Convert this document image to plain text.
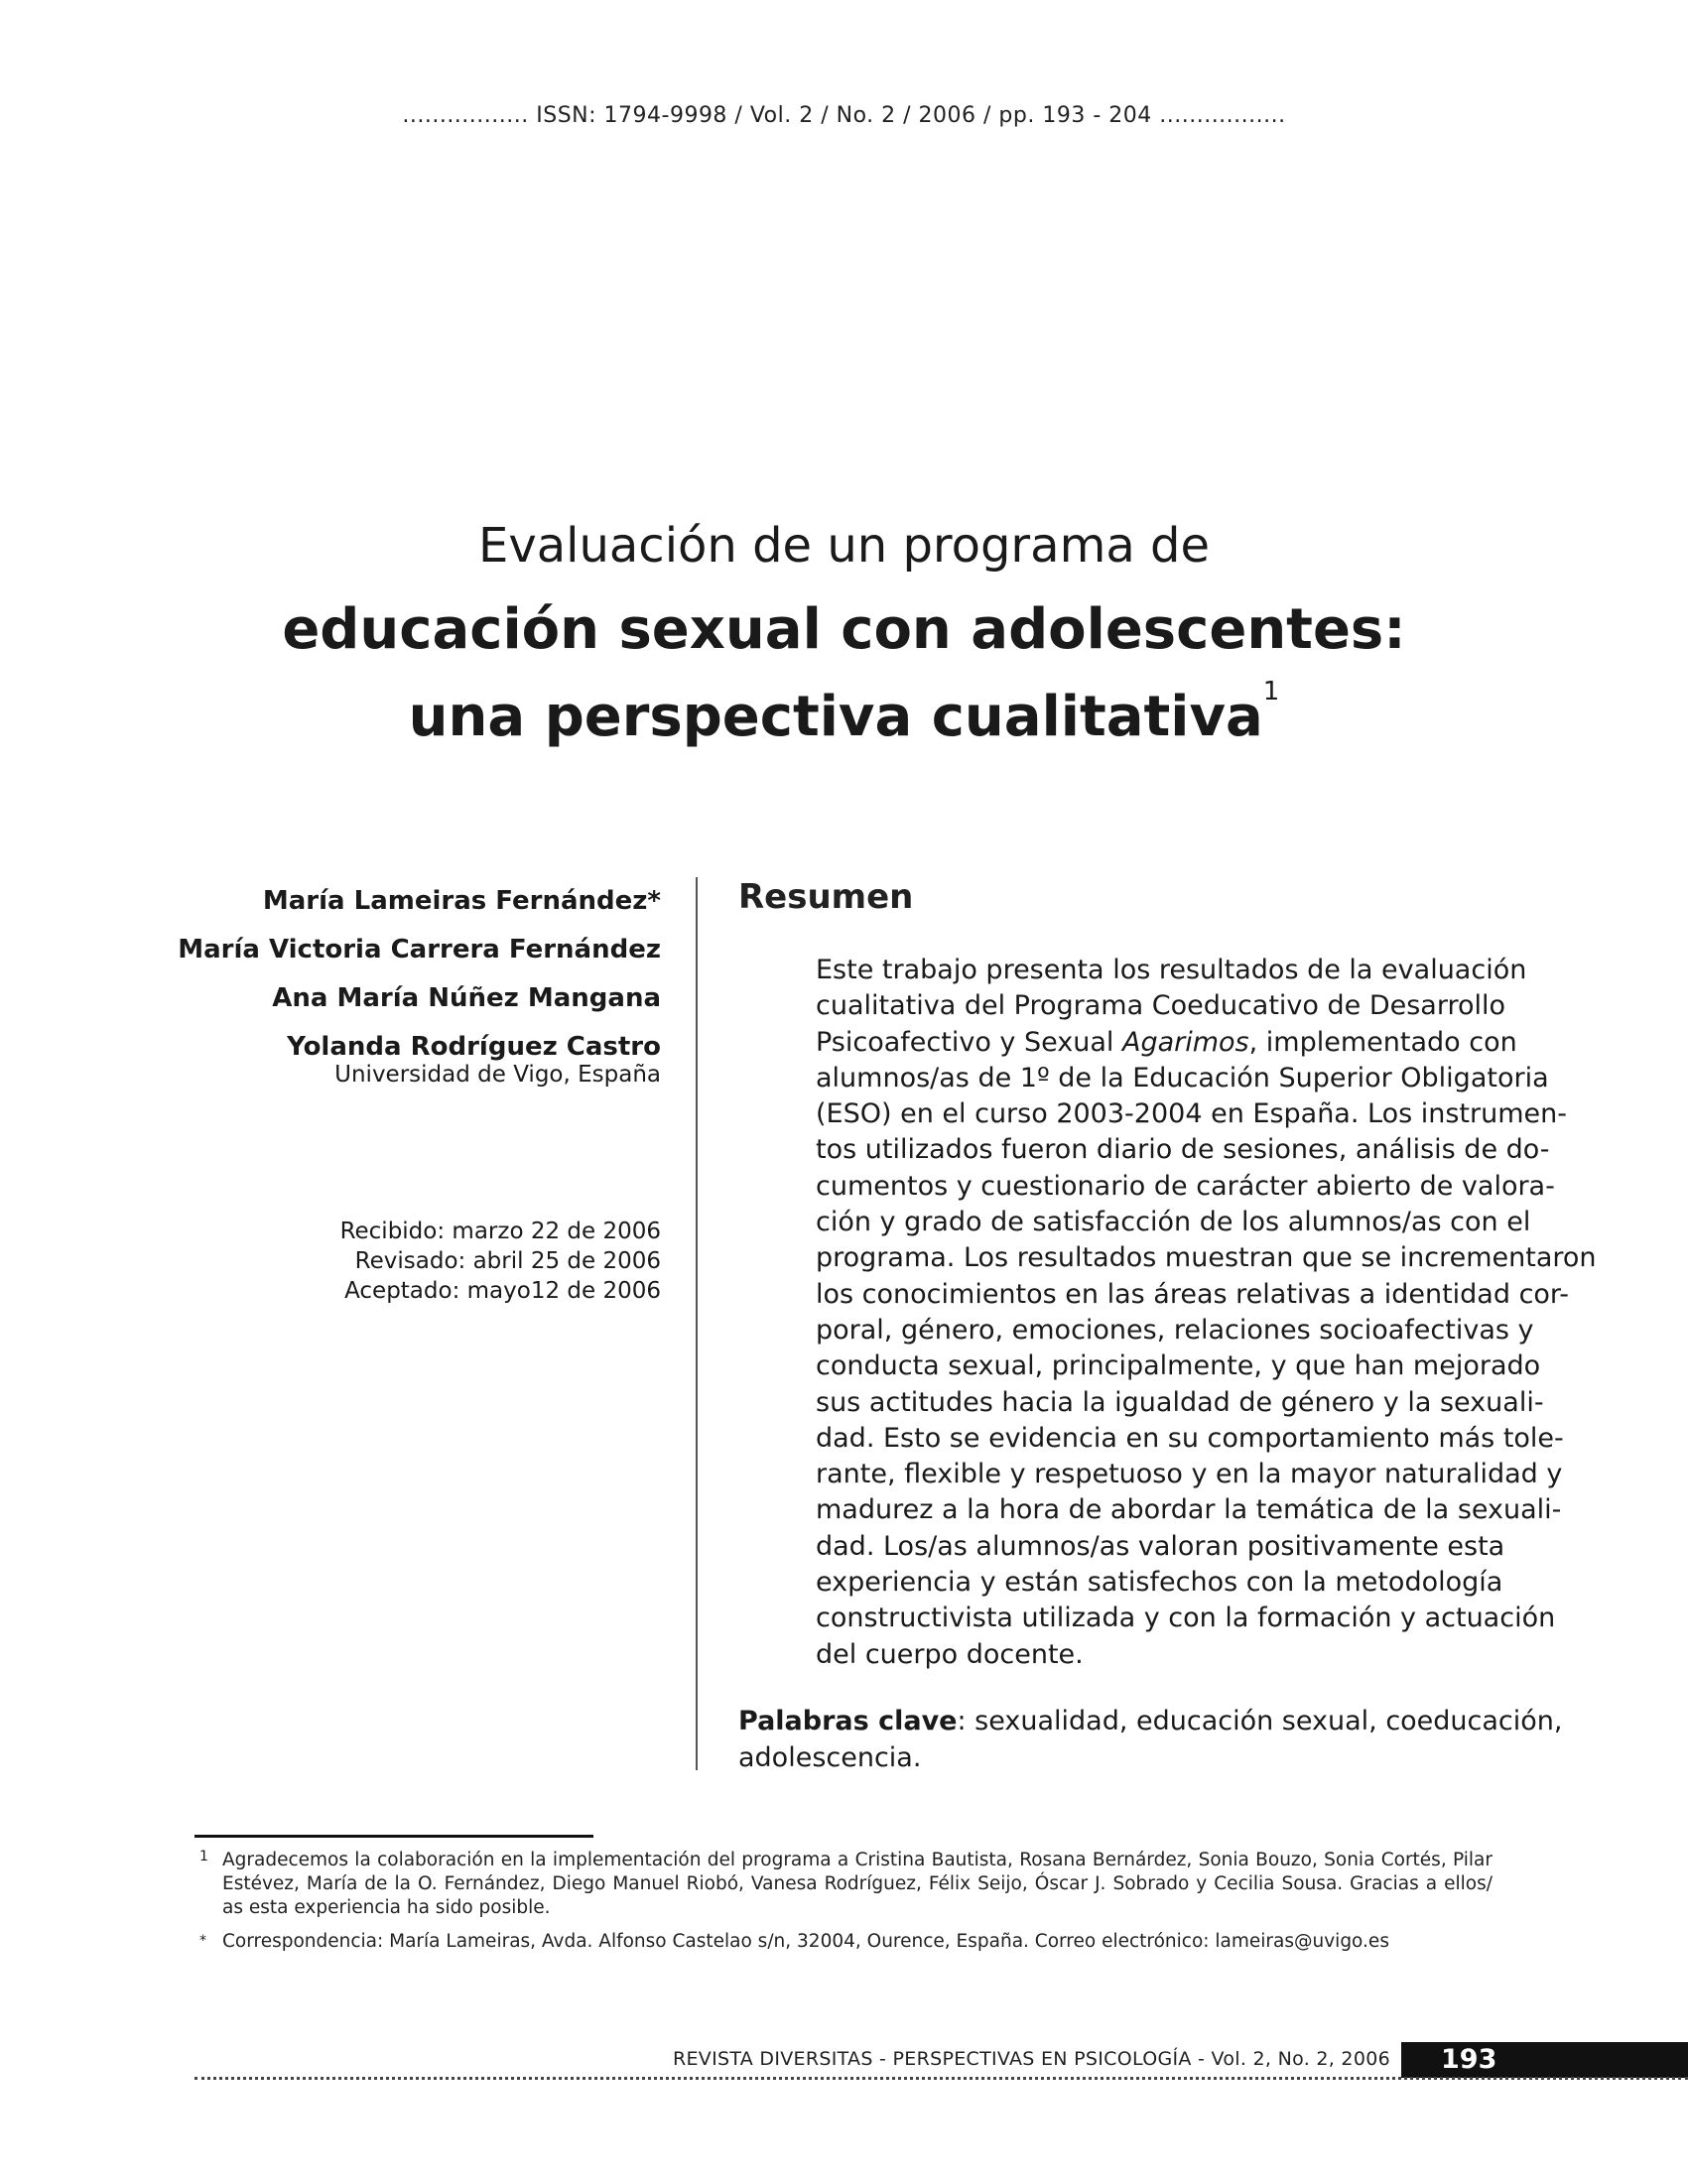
................. ISSN: 1794-9998 / Vol. 2 / No. 2 / 2006 / pp. 193 - 204 .................
Evaluación de un programa de
educación sexual con adolescentes:
una perspectiva cualitativa$^1$
María Lameiras Fernández*
María Victoria Carrera Fernández
Ana María Núñez Mangana
Yolanda Rodríguez Castro
Universidad de Vigo, España
Recibido: marzo 22 de 2006
Revisado: abril 25 de 2006
Aceptado: mayo12 de 2006
Resumen
Este trabajo presenta los resultados de la evaluación
cualitativa del Programa Coeducativo de Desarrollo
Psicoafectivo y Sexual Agarimos, implementado con
alumnos/as de 1º de la Educación Superior Obligatoria
(ESO) en el curso 2003-2004 en España. Los instrumen-
tos utilizados fueron diario de sesiones, análisis de do-
cumentos y cuestionario de carácter abierto de valora-
ción y grado de satisfacción de los alumnos/as con el
programa. Los resultados muestran que se incrementaron
los conocimientos en las áreas relativas a identidad cor-
poral, género, emociones, relaciones socioafectivas y
conducta sexual, principalmente, y que han mejorado
sus actitudes hacia la igualdad de género y la sexuali-
dad. Esto se evidencia en su comportamiento más tole-
rante, flexible y respetuoso y en la mayor naturalidad y
madurez a la hora de abordar la temática de la sexuali-
dad. Los/as alumnos/as valoran positivamente esta
experiencia y están satisfechos con la metodología
constructivista utilizada y con la formación y actuación
del cuerpo docente.
Palabras clave: sexualidad, educación sexual, coeducación,
adolescencia.
1 Agradecemos la colaboración en la implementación del programa a Cristina Bautista, Rosana Bernárdez, Sonia Bouzo, Sonia Cortés, Pilar
Estévez, María de la O. Fernández, Diego Manuel Riobó, Vanesa Rodríguez, Félix Seijo, Óscar J. Sobrado y Cecilia Sousa. Gracias a ellos/
as esta experiencia ha sido posible.
* Correspondencia: María Lameiras, Avda. Alfonso Castelao s/n, 32004, Ourence, España. Correo electrónico: lameiras@uvigo.es
REVISTA DIVERSITAS - PERSPECTIVAS EN PSICOLOGÍA - Vol. 2, No. 2, 2006 193
